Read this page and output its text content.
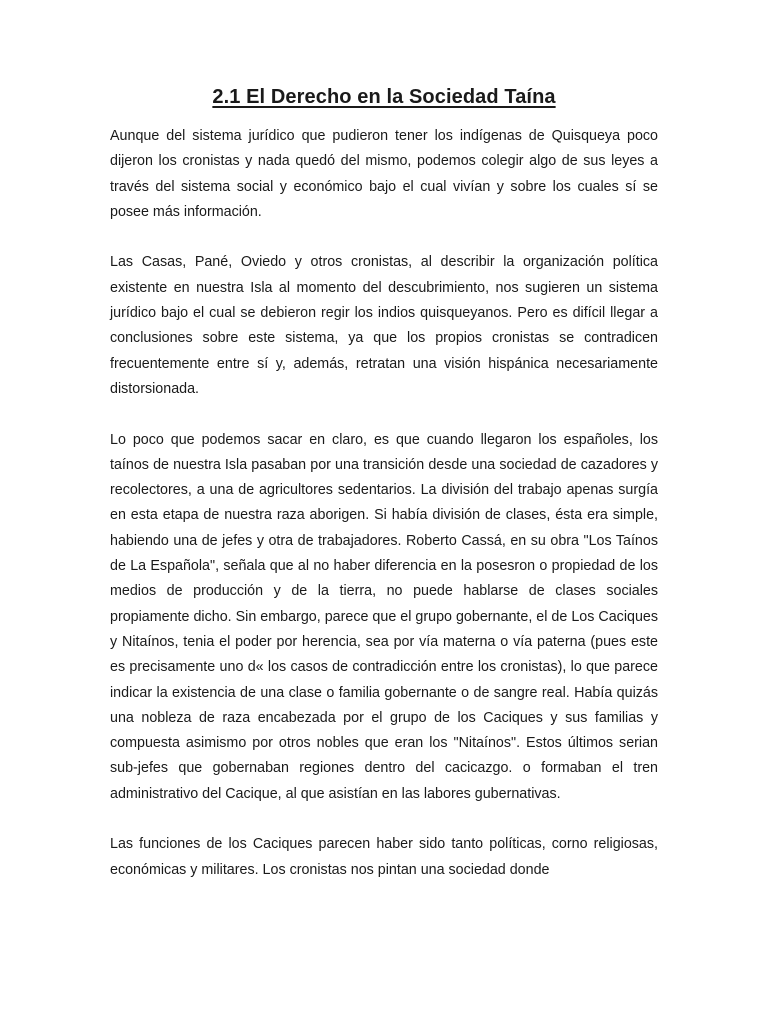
2.1 El Derecho en la Sociedad Taína

Aunque del sistema jurídico que pudieron tener los indígenas de Quisqueya poco dijeron los cronistas y nada quedó del mismo, podemos colegir algo de sus leyes a través del sistema social y económico bajo el cual vivían y sobre los cuales sí se posee más información.

Las Casas, Pané, Oviedo y otros cronistas, al describir la organización política existente en nuestra Isla al momento del descubrimiento, nos sugieren un sistema jurídico bajo el cual se debieron regir los indios quisqueyanos. Pero es difícil llegar a conclusiones sobre este sistema, ya que los propios cronistas se contradicen frecuentemente entre sí y, además, retratan una visión hispánica necesariamente distorsionada.

Lo poco que podemos sacar en claro, es que cuando llegaron los españoles, los taínos de nuestra Isla pasaban por una transición desde una sociedad de cazadores y recolectores, a una de agricultores sedentarios. La división del trabajo apenas surgía en esta etapa de nuestra raza aborigen. Si había división de clases, ésta era simple, habiendo una de jefes y otra de trabajadores. Roberto Cassá, en su obra "Los Taínos de La Española", señala que al no haber diferencia en la posesron o propiedad de los medios de producción y de la tierra, no puede hablarse de clases sociales propiamente dicho. Sin embargo, parece que el grupo gobernante, el de Los Caciques y Nitaínos, tenia el poder por herencia, sea por vía materna o vía paterna (pues este es precisamente uno d« los casos de contradicción entre los cronistas), lo que parece indicar la existencia de una clase o familia gobernante o de sangre real. Había quizás una nobleza de raza encabezada por el grupo de los Caciques y sus familias y compuesta asimismo por otros nobles que eran los "Nitaínos". Estos últimos serian sub-jefes que gobernaban regiones dentro del cacicazgo. o formaban el tren administrativo del Cacique, al que asistían en las labores gubernativas.

Las funciones de los Caciques parecen haber sido tanto políticas, corno religiosas, económicas y militares. Los cronistas nos pintan una sociedad donde
